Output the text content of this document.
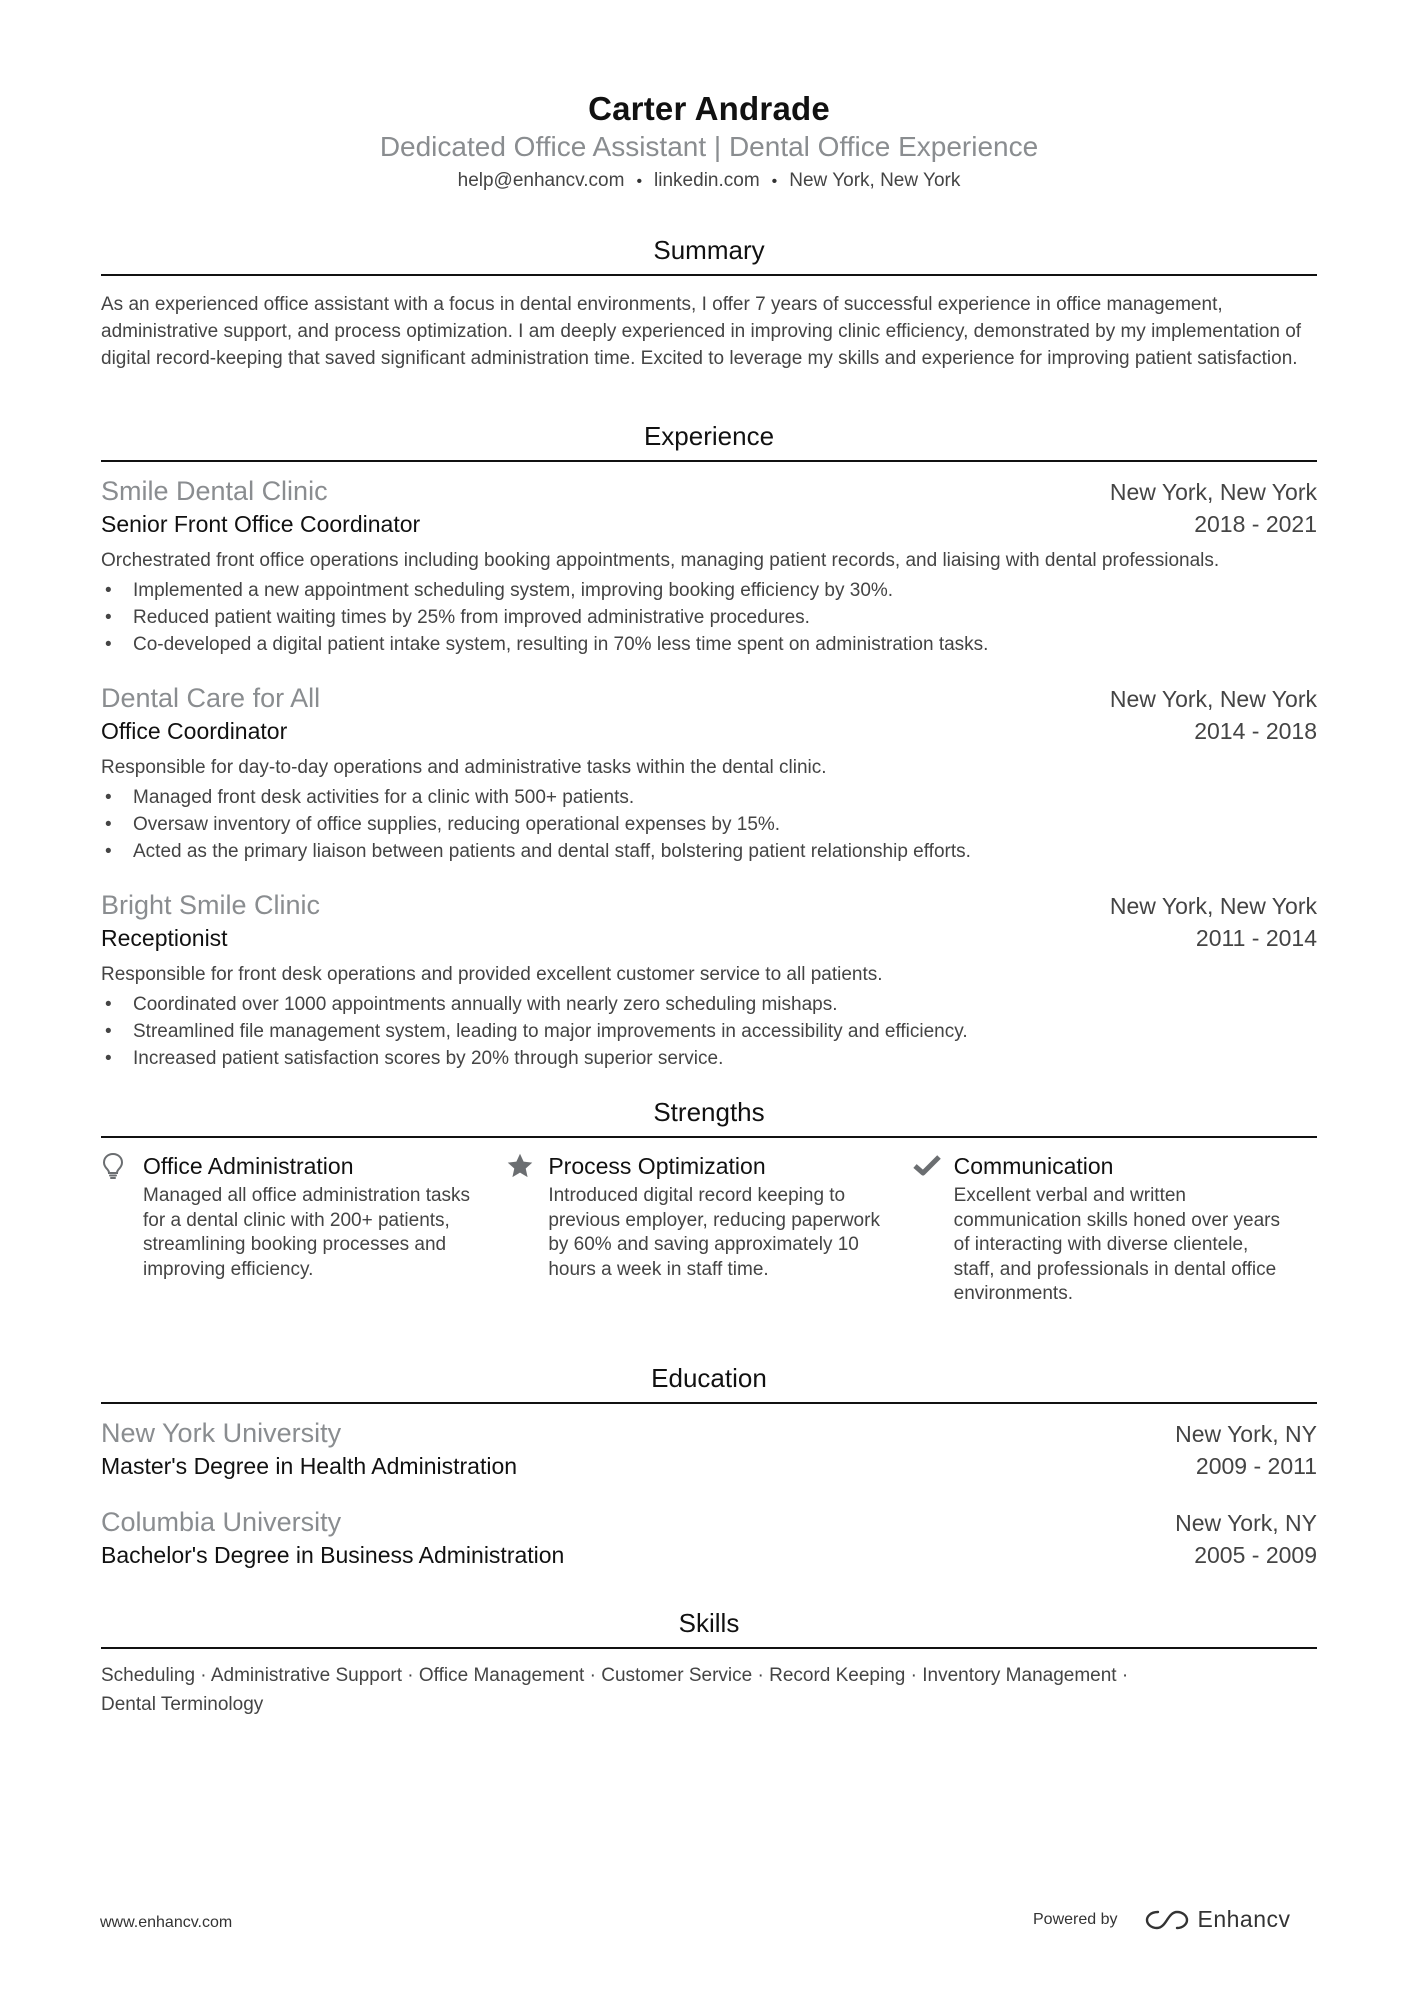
Carter Andrade
Dedicated Office Assistant | Dental Office Experience
help@enhancv.com • linkedin.com • New York, New York
Summary
As an experienced office assistant with a focus in dental environments, I offer 7 years of successful experience in office management, administrative support, and process optimization. I am deeply experienced in improving clinic efficiency, demonstrated by my implementation of digital record-keeping that saved significant administration time. Excited to leverage my skills and experience for improving patient satisfaction.
Experience
Smile Dental Clinic	New York, New York
Senior Front Office Coordinator	2018 - 2021
Orchestrated front office operations including booking appointments, managing patient records, and liaising with dental professionals.
• Implemented a new appointment scheduling system, improving booking efficiency by 30%.
• Reduced patient waiting times by 25% from improved administrative procedures.
• Co-developed a digital patient intake system, resulting in 70% less time spent on administration tasks.
Dental Care for All	New York, New York
Office Coordinator	2014 - 2018
Responsible for day-to-day operations and administrative tasks within the dental clinic.
• Managed front desk activities for a clinic with 500+ patients.
• Oversaw inventory of office supplies, reducing operational expenses by 15%.
• Acted as the primary liaison between patients and dental staff, bolstering patient relationship efforts.
Bright Smile Clinic	New York, New York
Receptionist	2011 - 2014
Responsible for front desk operations and provided excellent customer service to all patients.
• Coordinated over 1000 appointments annually with nearly zero scheduling mishaps.
• Streamlined file management system, leading to major improvements in accessibility and efficiency.
• Increased patient satisfaction scores by 20% through superior service.
Strengths
Office Administration
Managed all office administration tasks for a dental clinic with 200+ patients, streamlining booking processes and improving efficiency.
Process Optimization
Introduced digital record keeping to previous employer, reducing paperwork by 60% and saving approximately 10 hours a week in staff time.
Communication
Excellent verbal and written communication skills honed over years of interacting with diverse clientele, staff, and professionals in dental office environments.
Education
New York University	New York, NY
Master's Degree in Health Administration	2009 - 2011
Columbia University	New York, NY
Bachelor's Degree in Business Administration	2005 - 2009
Skills
Scheduling · Administrative Support · Office Management · Customer Service · Record Keeping · Inventory Management ·
Dental Terminology
www.enhancv.com	Powered by	Enhancv
